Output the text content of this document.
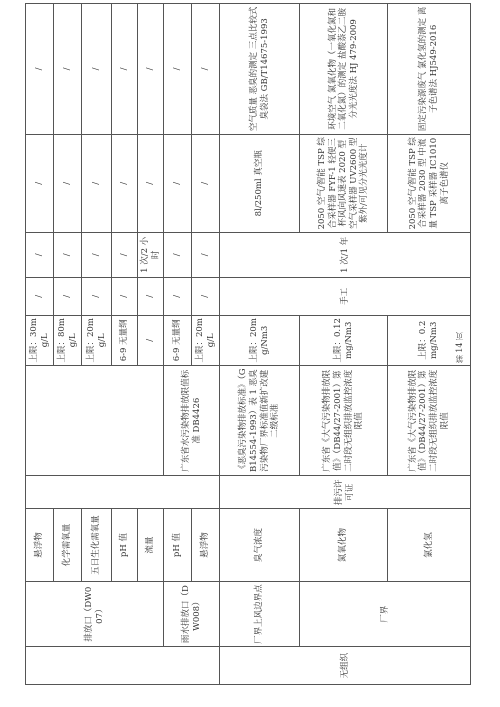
	排放口（DW007）	悬浮物			上限：30mg/L	/	/	/	/
		化学需氧量			上限：80mg/L	/	/	/	/
		五日生化需氧量			上限：20mg/L	/	/	/	/
		pH 值			6-9 无量纲	/	/	/	/
		流量			/	/	1 次/2 小时	/	/
	雨水排放口（DW008）	pH 值		广东省水污染物排放限值标准 DB4426	6-9 无量纲	/	/	/	/
		悬浮物			上限：20mg/L	/	/	/	/
无组织	厂界上风边界点	臭气浓度	排污许可证	《恶臭污染物排放标准》（GB14554-1993）表 1 恶臭污染物厂界标准值新扩改建二级标准	上限：20mg/Nm3	手工	1 次/1 年	8l/250ml 真空瓶	空气质量 恶臭的测定 三点比较式臭袋法 GB/T14675-1993
	厂界	氮氧化物		广东省《大气污染物排放限值》（DB44/27-2001）第二时段无组织排放监控浓度限值	上限：0.12mg/Nm3			2050 空气/智能 TSP 综合采样器 FYF-1 轻便三杯风向风速表 2020 型 空气采样器 UV2600 型 紫外/可见分光光度计	环境空气 氮氧化物（一氧化氮和二氧化氮）的测定 盐酸萘乙二胺分光光度法 HJ 479-2009
		氯化氢		广东省《大气污染物排放限值》（DB44/27-2001）第二时段无组织排放监控浓度限值	上限：0.2mg/Nm3			2050 空气/智能 TSP 综合采样器 2030 型 中流量 TSP 采样器 IC1010 离子色谱仪	固定污染源废气 氯化氢的测定 离子色谱法 HJ549-2016
第 14 页
